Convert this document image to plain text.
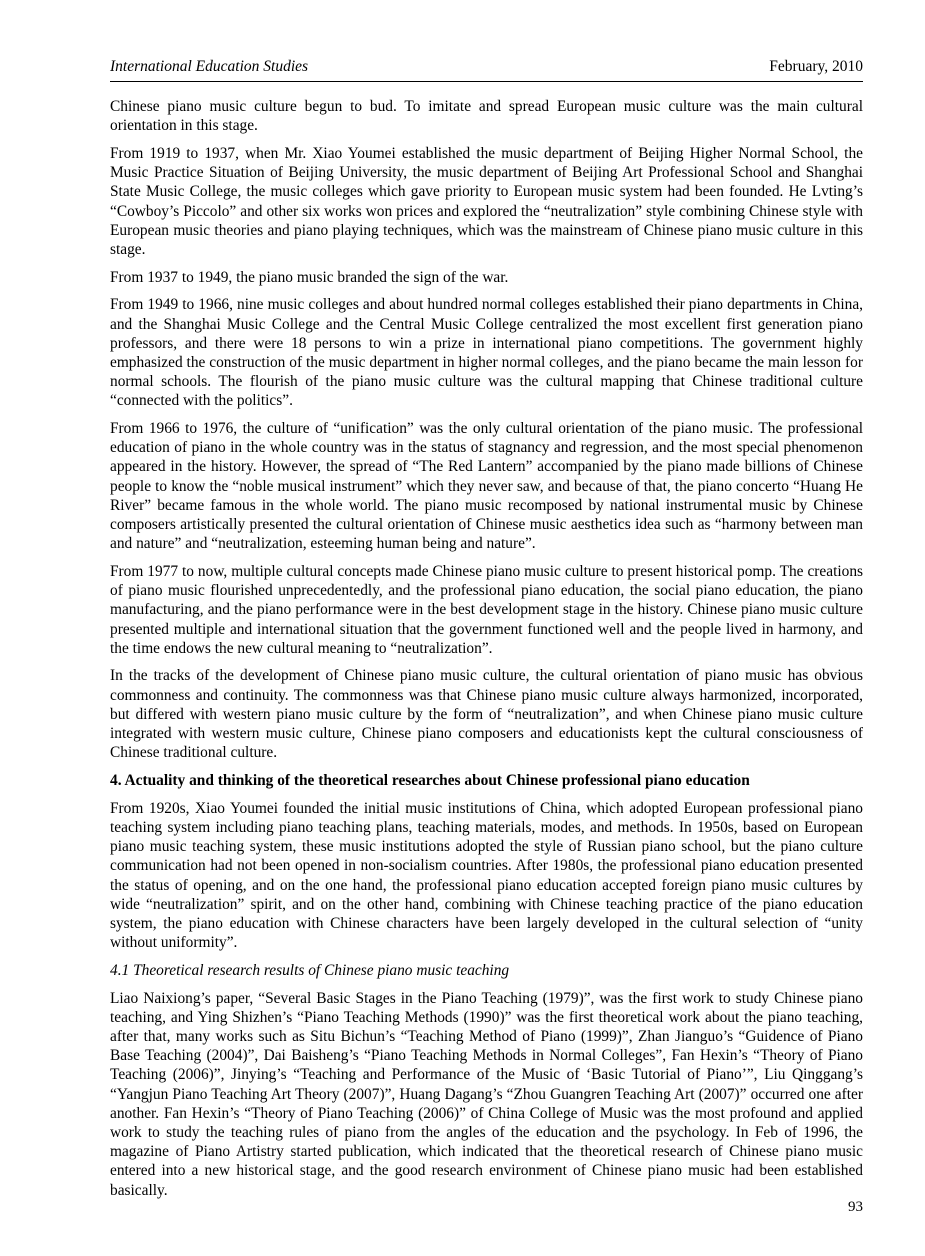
International Education Studies	February, 2010

Chinese piano music culture begun to bud. To imitate and spread European music culture was the main cultural orientation in this stage.

From 1919 to 1937, when Mr. Xiao Youmei established the music department of Beijing Higher Normal School, the Music Practice Situation of Beijing University, the music department of Beijing Art Professional School and Shanghai State Music College, the music colleges which gave priority to European music system had been founded. He Lvting’s “Cowboy’s Piccolo” and other six works won prices and explored the “neutralization” style combining Chinese style with European music theories and piano playing techniques, which was the mainstream of Chinese piano music culture in this stage.

From 1937 to 1949, the piano music branded the sign of the war.

From 1949 to 1966, nine music colleges and about hundred normal colleges established their piano departments in China, and the Shanghai Music College and the Central Music College centralized the most excellent first generation piano professors, and there were 18 persons to win a prize in international piano competitions. The government highly emphasized the construction of the music department in higher normal colleges, and the piano became the main lesson for normal schools. The flourish of the piano music culture was the cultural mapping that Chinese traditional culture “connected with the politics”.

From 1966 to 1976, the culture of “unification” was the only cultural orientation of the piano music. The professional education of piano in the whole country was in the status of stagnancy and regression, and the most special phenomenon appeared in the history. However, the spread of “The Red Lantern” accompanied by the piano made billions of Chinese people to know the “noble musical instrument” which they never saw, and because of that, the piano concerto “Huang He River” became famous in the whole world. The piano music recomposed by national instrumental music by Chinese composers artistically presented the cultural orientation of Chinese music aesthetics idea such as “harmony between man and nature” and “neutralization, esteeming human being and nature”.

From 1977 to now, multiple cultural concepts made Chinese piano music culture to present historical pomp. The creations of piano music flourished unprecedentedly, and the professional piano education, the social piano education, the piano manufacturing, and the piano performance were in the best development stage in the history. Chinese piano music culture presented multiple and international situation that the government functioned well and the people lived in harmony, and the time endows the new cultural meaning to “neutralization”.

In the tracks of the development of Chinese piano music culture, the cultural orientation of piano music has obvious commonness and continuity. The commonness was that Chinese piano music culture always harmonized, incorporated, but differed with western piano music culture by the form of “neutralization”, and when Chinese piano music culture integrated with western music culture, Chinese piano composers and educationists kept the cultural consciousness of Chinese traditional culture.

4. Actuality and thinking of the theoretical researches about Chinese professional piano education

From 1920s, Xiao Youmei founded the initial music institutions of China, which adopted European professional piano teaching system including piano teaching plans, teaching materials, modes, and methods. In 1950s, based on European piano music teaching system, these music institutions adopted the style of Russian piano school, but the piano culture communication had not been opened in non-socialism countries. After 1980s, the professional piano education presented the status of opening, and on the one hand, the professional piano education accepted foreign piano music cultures by wide “neutralization” spirit, and on the other hand, combining with Chinese teaching practice of the piano education system, the piano education with Chinese characters have been largely developed in the cultural selection of “unity without uniformity”.

4.1 Theoretical research results of Chinese piano music teaching

Liao Naixiong’s paper, “Several Basic Stages in the Piano Teaching (1979)”, was the first work to study Chinese piano teaching, and Ying Shizhen’s “Piano Teaching Methods (1990)” was the first theoretical work about the piano teaching, after that, many works such as Situ Bichun’s “Teaching Method of Piano (1999)”, Zhan Jianguo’s “Guidence of Piano Base Teaching (2004)”, Dai Baisheng’s “Piano Teaching Methods in Normal Colleges”, Fan Hexin’s “Theory of Piano Teaching (2006)”, Jinying’s “Teaching and Performance of the Music of ‘Basic Tutorial of Piano’”, Liu Qinggang’s “Yangjun Piano Teaching Art Theory (2007)”, Huang Dagang’s “Zhou Guangren Teaching Art (2007)” occurred one after another. Fan Hexin’s “Theory of Piano Teaching (2006)” of China College of Music was the most profound and applied work to study the teaching rules of piano from the angles of the education and the psychology. In Feb of 1996, the magazine of Piano Artistry started publication, which indicated that the theoretical research of Chinese piano music entered into a new historical stage, and the good research environment of Chinese piano music had been established basically.

93
